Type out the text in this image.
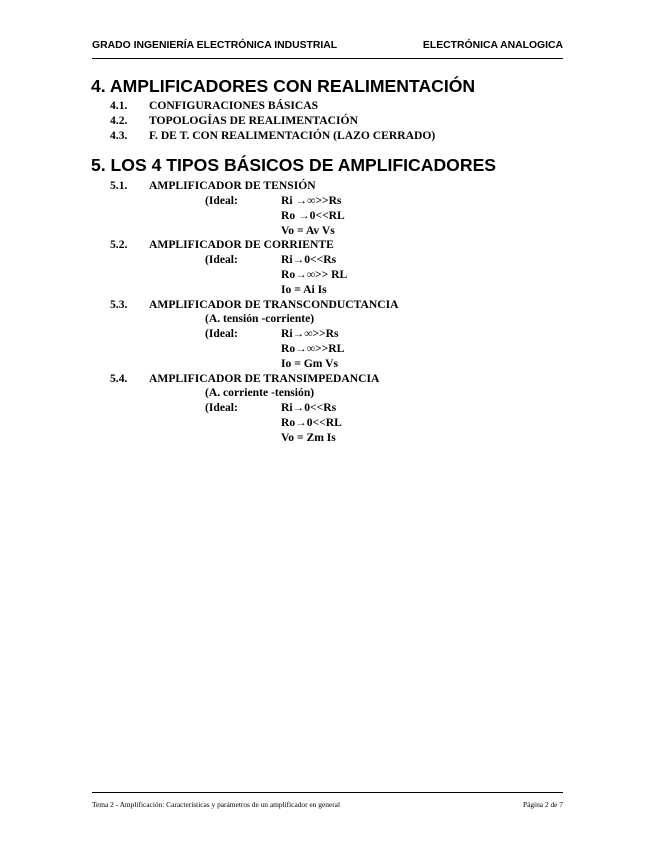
GRADO INGENIERÍA ELECTRÓNICA INDUSTRIAL	ELECTRÓNICA ANALOGICA
4. AMPLIFICADORES CON REALIMENTACIÓN
4.1. CONFIGURACIONES BÁSICAS
4.2. TOPOLOGÍAS DE REALIMENTACIÓN
4.3. F. DE T. CON REALIMENTACIÓN (LAZO CERRADO)
5. LOS 4 TIPOS BÁSICOS DE AMPLIFICADORES
5.1. AMPLIFICADOR DE TENSIÓN
(Ideal:	Ri →∞>>Rs
Ro →0<<RL
Vo = Av Vs
5.2. AMPLIFICADOR DE CORRIENTE
(Ideal:	Ri→0<<Rs
Ro→∞>> RL
Io = Ai Is
5.3. AMPLIFICADOR DE TRANSCONDUCTANCIA
(A. tensión -corriente)
(Ideal:	Ri→∞>>Rs
Ro→∞>>RL
Io = Gm Vs
5.4. AMPLIFICADOR DE TRANSIMPEDANCIA
(A. corriente -tensión)
(Ideal:	Ri→0<<Rs
Ro→0<<RL
Vo = Zm Is
Tema 2 - Amplificación: Características y parámetros de un amplificador en general	Página 2 de 7
